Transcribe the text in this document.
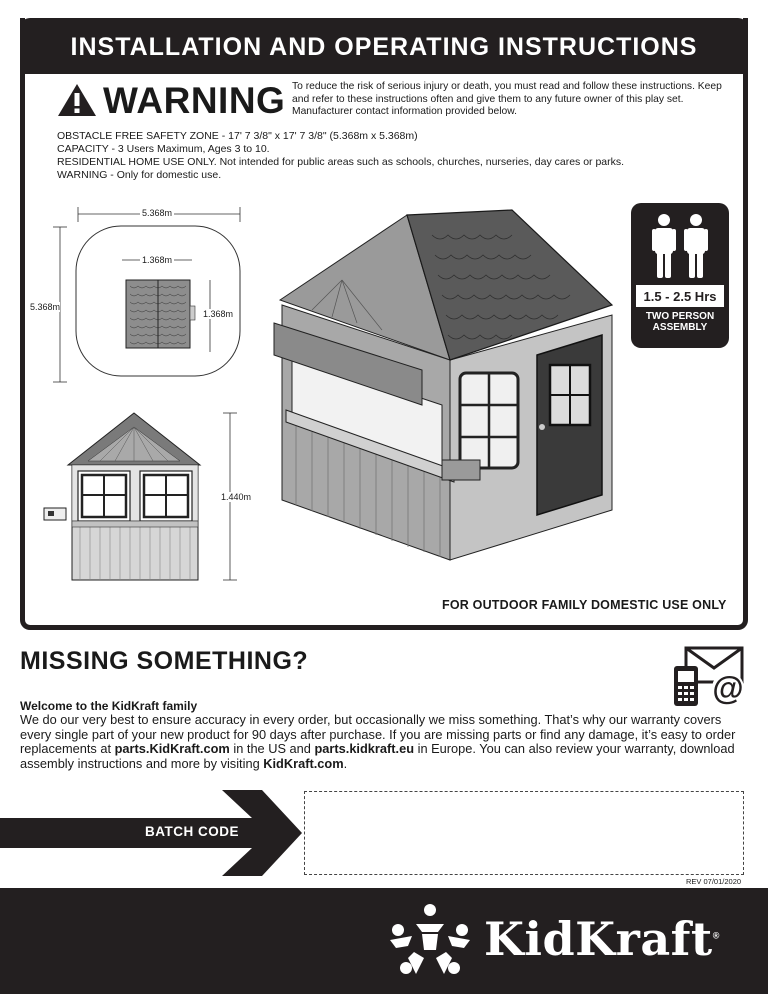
INSTALLATION AND OPERATING INSTRUCTIONS
WARNING To reduce the risk of serious injury or death, you must read and follow these instructions. Keep and refer to these instructions often and give them to any future owner of this play set. Manufacturer contact information provided below.
OBSTACLE FREE SAFETY ZONE - 17' 7 3/8" x 17' 7 3/8" (5.368m x 5.368m)
CAPACITY - 3 Users Maximum, Ages 3 to 10.
RESIDENTIAL HOME USE ONLY. Not intended for public areas such as schools, churches, nurseries, day cares or parks.
WARNING - Only for domestic use.
5.368m
5.368m
1.368m
1.368m
1.440m
1.5 - 2.5 Hrs
TWO PERSON
ASSEMBLY
FOR OUTDOOR FAMILY DOMESTIC USE ONLY
MISSING SOMETHING?
@
Welcome to the KidKraft family
We do our very best to ensure accuracy in every order, but occasionally we miss something. That’s why our warranty covers every single part of your new product for 90 days after purchase. If you are missing parts or find any damage, it’s easy to order replacements at parts.KidKraft.com in the US and parts.kidkraft.eu in Europe. You can also review your warranty, download assembly instructions and more by visiting KidKraft.com.
BATCH CODE
REV 07/01/2020
KidKraft®
